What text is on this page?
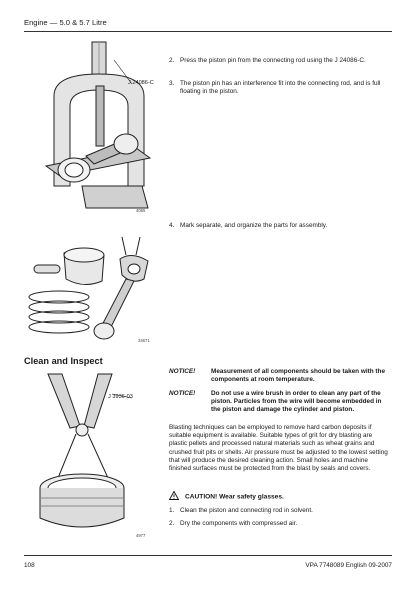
Engine — 5.0 & 5.7 Litre
J 24086-C
4065
2. Press the piston pin from the connecting rod using the J 24086-C.
3. The piston pin has an interference fit into the connecting rod, and is full floating in the piston.
4. Mark separate, and organize the parts for assembly.
34671
Clean and Inspect
J 3936-03
4977
NOTICE! Measurement of all components should be taken with the components at room temperature.
NOTICE! Do not use a wire brush in order to clean any part of the piston. Particles from the wire will become embedded in the piston and damage the cylinder and piston.
Blasting techniques can be employed to remove hard carbon deposits if suitable equipment is available. Suitable types of grit for dry blasting are plastic pellets and processed natural materials such as wheat grains and crushed fruit pits or shells. Air pressure must be adjusted to the lowest setting that will produce the desired cleaning action. Small holes and machine finished surfaces must be protected from the blast by seals and covers.
CAUTION! Wear safety glasses.
1. Clean the piston and connecting rod in solvent.
2. Dry the components with compressed air.
108	VPA 7748089 English 09-2007
